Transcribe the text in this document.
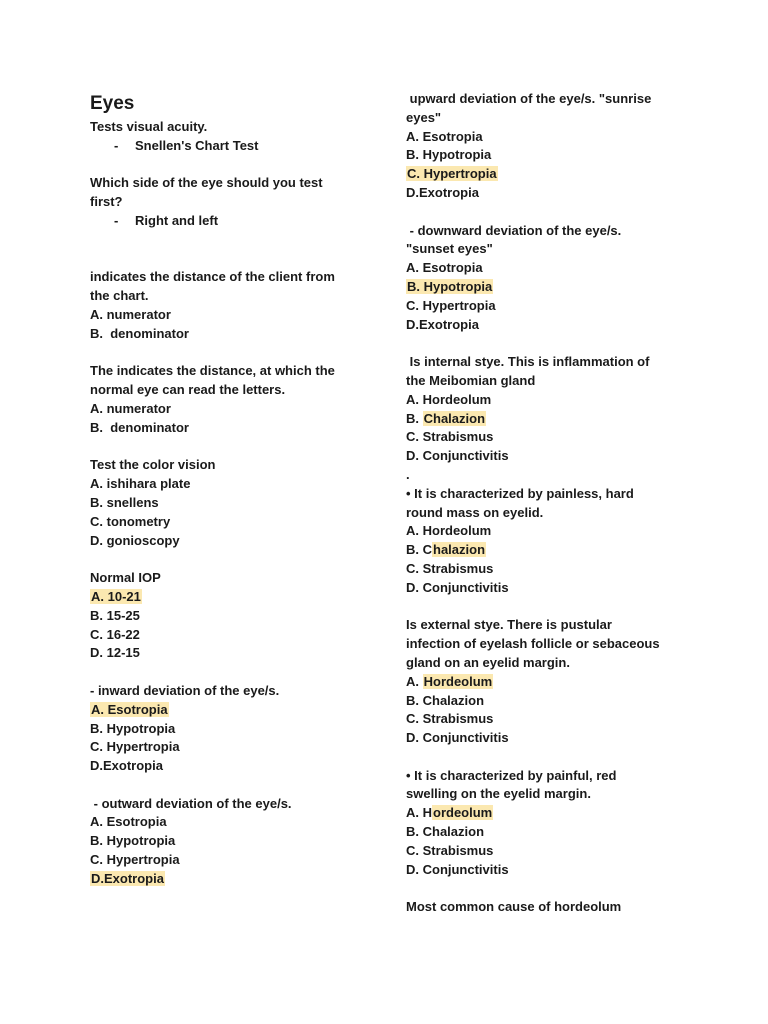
Eyes
Tests visual acuity.
-	Snellen's Chart Test
Which side of the eye should you test
first?
-	Right and left
indicates the distance of the client from
the chart.
A. numerator
B.  denominator
The indicates the distance, at which the
normal eye can read the letters.
A. numerator
B.  denominator
Test the color vision
A. ishihara plate
B. snellens
C. tonometry
D. gonioscopy
Normal IOP
A. 10-21
B. 15-25
C. 16-22
D. 12-15
- inward deviation of the eye/s.
A. Esotropia
B. Hypotropia
C. Hypertropia
D.Exotropia
- outward deviation of the eye/s.
A. Esotropia
B. Hypotropia
C. Hypertropia
D.Exotropia
upward deviation of the eye/s. "sunrise
eyes"
A. Esotropia
B. Hypotropia
C. Hypertropia
D.Exotropia
- downward deviation of the eye/s.
"sunset eyes"
A. Esotropia
B. Hypotropia
C. Hypertropia
D.Exotropia
Is internal stye. This is inflammation of
the Meibomian gland
A. Hordeolum
B. Chalazion
C. Strabismus
D. Conjunctivitis
.
• It is characterized by painless, hard
round mass on eyelid.
A. Hordeolum
B. Chalazion
C. Strabismus
D. Conjunctivitis
Is external stye. There is pustular
infection of eyelash follicle or sebaceous
gland on an eyelid margin.
A. Hordeolum
B. Chalazion
C. Strabismus
D. Conjunctivitis
• It is characterized by painful, red
swelling on the eyelid margin.
A. Hordeolum
B. Chalazion
C. Strabismus
D. Conjunctivitis
Most common cause of hordeolum
